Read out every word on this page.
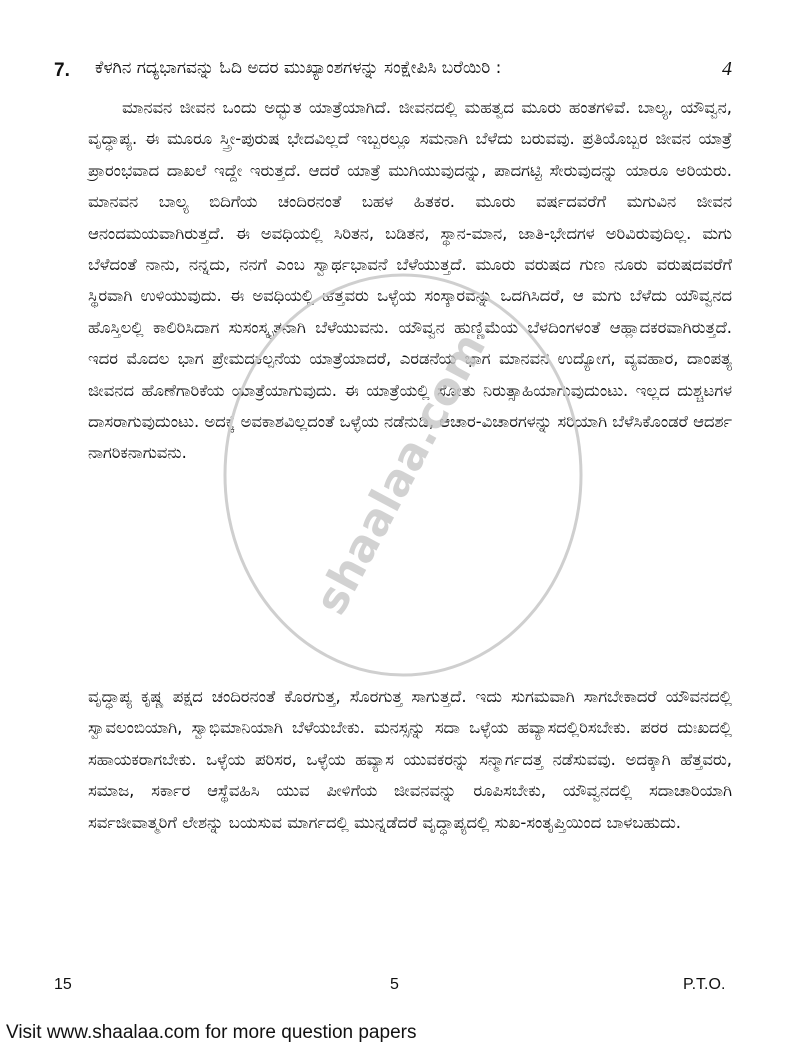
7. ಕೆಳಗಿನ ಗದ್ಯಭಾಗವನ್ನು ಓದಿ ಅದರ ಮುಖ್ಯಾಂಶಗಳನ್ನು ಸಂಕ್ಷೇಪಿಸಿ ಬರೆಯಿರಿ :	4

ಮಾನವನ ಜೀವನ ಒಂದು ಅದ್ಭುತ ಯಾತ್ರೆಯಾಗಿದೆ. ಜೀವನದಲ್ಲಿ ಮಹತ್ವದ ಮೂರು ಹಂತಗಳಿವೆ. ಬಾಲ್ಯ, ಯೌವ್ವನ, ವೃದ್ಧಾಪ್ಯ. ಈ ಮೂರೂ ಸ್ತ್ರೀ-ಪುರುಷ ಭೇದವಿಲ್ಲದೆ ಇಬ್ಬರಲ್ಲೂ ಸಮನಾಗಿ ಬೆಳೆದು ಬರುವವು. ಪ್ರತಿಯೊಬ್ಬರ ಜೀವನ ಯಾತ್ರೆ ಪ್ರಾರಂಭವಾದ ದಾಖಲೆ ಇದ್ದೇ ಇರುತ್ತದೆ. ಆದರೆ ಯಾತ್ರೆ ಮುಗಿಯುವುದನ್ನು, ಪಾದಗಟ್ಟಿ ಸೇರುವುದನ್ನು ಯಾರೂ ಅರಿಯರು. ಮಾನವನ ಬಾಲ್ಯ ಬಿದಿಗೆಯ ಚಂದಿರನಂತೆ ಬಹಳ ಹಿತಕರ. ಮೂರು ವರ್ಷದವರೆಗೆ ಮಗುವಿನ ಜೀವನ ಆನಂದಮಯವಾಗಿರುತ್ತದೆ. ಈ ಅವಧಿಯಲ್ಲಿ ಸಿರಿತನ, ಬಡಿತನ, ಸ್ಥಾನ-ಮಾನ, ಜಾತಿ-ಭೇದಗಳ ಅರಿವಿರುವುದಿಲ್ಲ. ಮಗು ಬೆಳೆದಂತೆ ನಾನು, ನನ್ನದು, ನನಗೆ ಎಂಬ ಸ್ವಾರ್ಥಭಾವನೆ ಬೆಳೆಯುತ್ತದೆ. ಮೂರು ವರುಷದ ಗುಣ ನೂರು ವರುಷದವರೆಗೆ ಸ್ಥಿರವಾಗಿ ಉಳಿಯುವುದು. ಈ ಅವಧಿಯಲ್ಲಿ ಹೆತ್ತವರು ಒಳ್ಳೆಯ ಸಂಸ್ಕಾರವನ್ನು ಒದಗಿಸಿದರೆ, ಆ ಮಗು ಬೆಳೆದು ಯೌವ್ವನದ ಹೊಸ್ತಿಲಲ್ಲಿ ಕಾಲಿರಿಸಿದಾಗ ಸುಸಂಸ್ಕೃತನಾಗಿ ಬೆಳೆಯುವನು. ಯೌವ್ವನ ಹುಣ್ಣಿಮೆಯ ಬೆಳದಿಂಗಳಂತೆ ಆಹ್ಲಾದಕರವಾಗಿರುತ್ತದೆ. ಇದರ ಮೊದಲ ಭಾಗ ಪ್ರೇಮದಕಲ್ಪನೆಯ ಯಾತ್ರೆಯಾದರೆ, ಎರಡನೆಯ ಭಾಗ ಮಾನವನ ಉದ್ಯೋಗ, ವ್ಯವಹಾರ, ದಾಂಪತ್ಯ ಜೀವನದ ಹೊಣೆಗಾರಿಕೆಯ ಯಾತ್ರೆಯಾಗುವುದು. ಈ ಯಾತ್ರೆಯಲ್ಲಿ ಸೋತು ನಿರುತ್ಸಾಹಿಯಾಗುವುದುಂಟು. ಇಲ್ಲದ ದುಶ್ಚಟಗಳ ದಾಸರಾಗುವುದುಂಟು. ಅದಕ್ಕೆ ಅವಕಾಶವಿಲ್ಲದಂತೆ ಒಳ್ಳೆಯ ನಡೆನುಡಿ, ಆಚಾರ-ವಿಚಾರಗಳನ್ನು ಸರಿಯಾಗಿ ಬೆಳೆಸಿಕೊಂಡರೆ ಆದರ್ಶ ನಾಗರಿಕನಾಗುವನು.

ವೃದ್ಧಾಪ್ಯ ಕೃಷ್ಣ ಪಕ್ಷದ ಚಂದಿರನಂತೆ ಕೊರಗುತ್ತ, ಸೊರಗುತ್ತ ಸಾಗುತ್ತದೆ. ಇದು ಸುಗಮವಾಗಿ ಸಾಗಬೇಕಾದರೆ ಯೌವನದಲ್ಲಿ ಸ್ವಾವಲಂಬಿಯಾಗಿ, ಸ್ವಾಭಿಮಾನಿಯಾಗಿ ಬೆಳೆಯಬೇಕು. ಮನಸ್ಸನ್ನು ಸದಾ ಒಳ್ಳೆಯ ಹವ್ಯಾಸದಲ್ಲಿರಿಸಬೇಕು. ಪರರ ದುಃಖದಲ್ಲಿ ಸಹಾಯಕರಾಗಬೇಕು. ಒಳ್ಳೆಯ ಪರಿಸರ, ಒಳ್ಳೆಯ ಹವ್ಯಾಸ ಯುವಕರನ್ನು ಸನ್ಮಾರ್ಗದತ್ತ ನಡೆಸುವವು. ಅದಕ್ಕಾಗಿ ಹೆತ್ತವರು, ಸಮಾಜ, ಸರ್ಕಾರ ಆಸ್ಥೆವಹಿಸಿ ಯುವ ಪೀಳಿಗೆಯ ಜೀವನವನ್ನು ರೂಪಿಸಬೇಕು, ಯೌವ್ವನದಲ್ಲಿ ಸದಾಚಾರಿಯಾಗಿ ಸರ್ವಜೀವಾತ್ಮರಿಗೆ ಲೇಶನ್ನು ಬಯಸುವ ಮಾರ್ಗದಲ್ಲಿ ಮುನ್ನಡೆದರೆ ವೃದ್ಧಾಪ್ಯದಲ್ಲಿ ಸುಖ-ಸಂತೃಪ್ತಿಯಿಂದ ಬಾಳಬಹುದು.

shaalaa.com
15	5	P.T.O.
Visit www.shaalaa.com for more question papers
